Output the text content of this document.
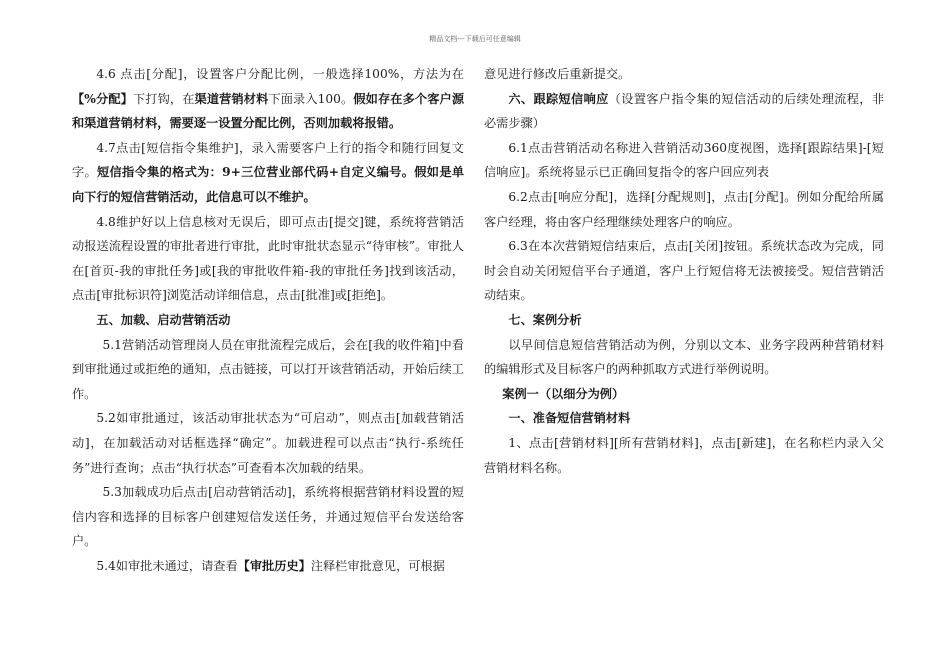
精品文档---下载后可任意编辑

4.6 点击[分配]，设置客户分配比例，一般选择100%，方法为在【%分配】下打钩，在渠道营销材料下面录入100。假如存在多个客户源和渠道营销材料，需要逐一设置分配比例，否则加载将报错。

4.7点击[短信指令集维护]，录入需要客户上行的指令和随行回复文字。短信指令集的格式为：9+三位营业部代码+自定义编号。假如是单向下行的短信营销活动，此信息可以不维护。

4.8维护好以上信息核对无误后，即可点击[提交]键，系统将营销活动报送流程设置的审批者进行审批，此时审批状态显示“待审核”。审批人在[首页-我的审批任务]或[我的审批收件箱-我的审批任务]找到该活动，点击[审批标识符]浏览活动详细信息，点击[批准]或[拒绝]。

五、加载、启动营销活动

5.1营销活动管理岗人员在审批流程完成后，会在[我的收件箱]中看到审批通过或拒绝的通知，点击链接，可以打开该营销活动，开始后续工作。

5.2如审批通过，该活动审批状态为“可启动”，则点击[加载营销活动]，在加载活动对话框选择“确定”。加载进程可以点击“执行-系统任务”进行查询；点击“执行状态”可查看本次加载的结果。

5.3加载成功后点击[启动营销活动]，系统将根据营销材料设置的短信内容和选择的目标客户创建短信发送任务，并通过短信平台发送给客户。

5.4如审批未通过，请查看【审批历史】注释栏审批意见，可根据

意见进行修改后重新提交。

六、跟踪短信响应（设置客户指令集的短信活动的后续处理流程，非必需步骤）

6.1点击营销活动名称进入营销活动360度视图，选择[跟踪结果]-[短信响应]。系统将显示已正确回复指令的客户回应列表

6.2点击[响应分配]，选择[分配规则]，点击[分配]。例如分配给所属客户经理，将由客户经理继续处理客户的响应。

6.3在本次营销短信结束后，点击[关闭]按钮。系统状态改为完成，同时会自动关闭短信平台子通道，客户上行短信将无法被接受。短信营销活动结束。

七、案例分析

以早间信息短信营销活动为例，分别以文本、业务字段两种营销材料的编辑形式及目标客户的两种抓取方式进行举例说明。

案例一（以细分为例）

一、准备短信营销材料

1、点击[营销材料][所有营销材料]，点击[新建]，在名称栏内录入父营销材料名称。
